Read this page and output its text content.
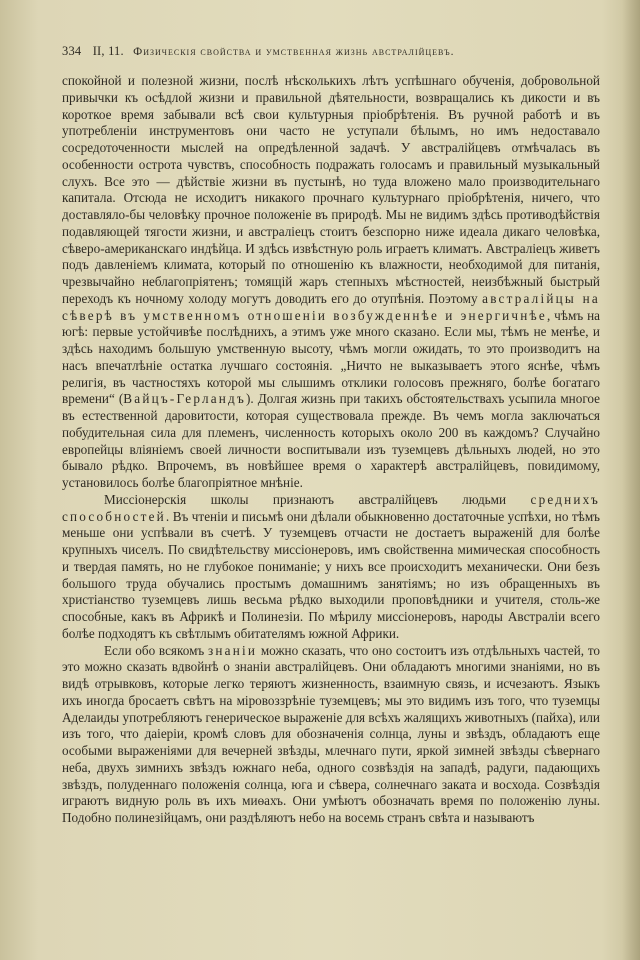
334 II, 11. Физическія свойства и умственная жизнь австралійцевъ.

спокойной и полезной жизни, послѣ нѣсколькихъ лѣтъ успѣшнаго обученія, добровольной привычки къ осѣдлой жизни и правильной дѣятельности, возвращались къ дикости и въ короткое время забывали всѣ свои культурныя пріобрѣтенія. Въ ручной работѣ и въ употребленіи инструментовъ они часто не уступали бѣлымъ, но имъ недоставало сосредоточенности мыслей на опредѣленной задачѣ. У австралійцевъ отмѣчалась въ особенности острота чувствъ, способность подражать голосамъ и правильный музыкальный слухъ. Все это — дѣйствіе жизни въ пустынѣ, но туда вложено мало производительнаго капитала. Отсюда не исходитъ никакого прочнаго культурнаго пріобрѣтенія, ничего, что доставляло-бы человѣку прочное положеніе въ природѣ. Мы не видимъ здѣсь противодѣйствія подавляющей тягости жизни, и австраліецъ стоитъ безспорно ниже идеала дикаго человѣка, сѣверо-американскаго индѣйца. И здѣсь извѣстную роль играетъ климатъ. Австраліецъ живетъ подъ давленіемъ климата, который по отношенію къ влажности, необходимой для питанія, чрезвычайно неблагопріятенъ; томящій жаръ степныхъ мѣстностей, неизбѣжный быстрый переходъ къ ночному холоду могутъ доводить его до отупѣнія. Поэтому австралійцы на сѣверѣ въ умственномъ отношеніи возбужденнѣе и энергичнѣе, чѣмъ на югѣ: первые устойчивѣе послѣднихъ, а этимъ уже много сказано. Если мы, тѣмъ не менѣе, и здѣсь находимъ большую умственную высоту, чѣмъ могли ожидать, то это производитъ на насъ впечатлѣніе остатка лучшаго состоянія. „Ничто не выказываетъ этого яснѣе, чѣмъ религія, въ частностяхъ которой мы слышимъ отклики голосовъ прежняго, болѣе богатаго времени“ (Вайцъ-Герландъ). Долгая жизнь при такихъ обстоятельствахъ усыпила многое въ естественной даровитости, которая существовала прежде. Въ чемъ могла заключаться побудительная сила для племенъ, численность которыхъ около 200 въ каждомъ? Случайно европейцы вліяніемъ своей личности воспитывали изъ туземцевъ дѣльныхъ людей, но это бывало рѣдко. Впрочемъ, въ новѣйшее время о характерѣ австралійцевъ, повидимому, установилось болѣе благопріятное мнѣніе.

Миссіонерскія школы признаютъ австралійцевъ людьми среднихъ способностей. Въ чтеніи и письмѣ они дѣлали обыкновенно достаточные успѣхи, но тѣмъ меньше они успѣвали въ счетѣ. У туземцевъ отчасти не достаетъ выраженій для болѣе крупныхъ чиселъ. По свидѣтельству миссіонеровъ, имъ свойственна мимическая способность и твердая память, но не глубокое пониманіе; у нихъ все происходитъ механически. Они безъ большого труда обучались простымъ домашнимъ занятіямъ; но изъ обращенныхъ въ христіанство туземцевъ лишь весьма рѣдко выходили проповѣдники и учителя, столь-же способные, какъ въ Африкѣ и Полинезіи. По мѣрилу миссіонеровъ, народы Австраліи всего болѣе подходятъ къ свѣтлымъ обитателямъ южной Африки.

Если обо всякомъ знаніи можно сказать, что оно состоитъ изъ отдѣльныхъ частей, то это можно сказать вдвойнѣ о знаніи австралійцевъ. Они обладаютъ многими знаніями, но въ видѣ отрывковъ, которые легко теряютъ жизненность, взаимную связь, и исчезаютъ. Языкъ ихъ иногда бросаетъ свѣтъ на міровоззрѣніе туземцевъ; мы это видимъ изъ того, что туземцы Аделаиды употребляютъ генерическое выраженіе для всѣхъ жалящихъ животныхъ (пайха), или изъ того, что даіеріи, кромѣ словъ для обозначенія солнца, луны и звѣздъ, обладаютъ еще особыми выраженіями для вечерней звѣзды, млечнаго пути, яркой зимней звѣзды сѣвернаго неба, двухъ зимнихъ звѣздъ южнаго неба, одного созвѣздія на западѣ, радуги, падающихъ звѣздъ, полуденнаго положенія солнца, юга и сѣвера, солнечнаго заката и восхода. Созвѣздія играютъ видную роль въ ихъ миѳахъ. Они умѣютъ обозначать время по положенію луны. Подобно полинезійцамъ, они раздѣляютъ небо на восемь странъ свѣта и называютъ
